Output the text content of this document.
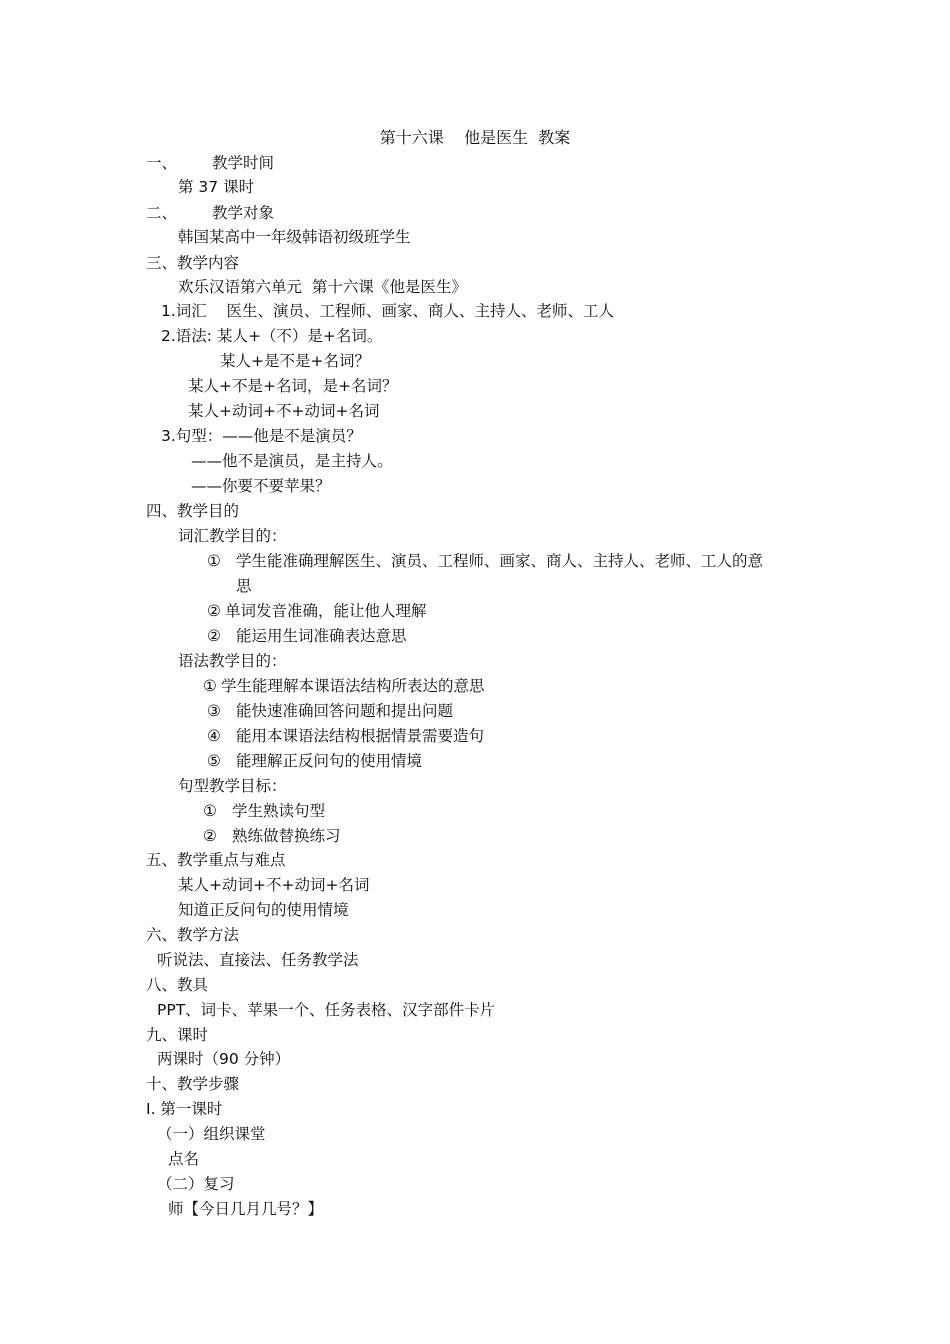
第十六课    他是医生  教案
一、 教学时间
第 37 课时
二、 教学对象
韩国某高中一年级韩语初级班学生
三、教学内容
欢乐汉语第六单元  第十六课《他是医生》
1.词汇    医生、演员、工程师、画家、商人、主持人、老师、工人
2.语法: 某人+（不）是+名词。
某人+是不是+名词？
某人+不是+名词，是+名词？
某人+动词+不+动词+名词
3.句型：——他是不是演员？
——他不是演员，是主持人。
——你要不要苹果？
四、教学目的
词汇教学目的：
① 学生能准确理解医生、演员、工程师、画家、商人、主持人、老师、工人的意
思
② 单词发音准确，能让他人理解
② 能运用生词准确表达意思
语法教学目的：
① 学生能理解本课语法结构所表达的意思
③ 能快速准确回答问题和提出问题
④ 能用本课语法结构根据情景需要造句
⑤ 能理解正反问句的使用情境
句型教学目标：
① 学生熟读句型
② 熟练做替换练习
五、教学重点与难点
某人+动词+不+动词+名词
知道正反问句的使用情境
六、教学方法
听说法、直接法、任务教学法
八、教具
PPT、词卡、苹果一个、任务表格、汉字部件卡片
九、课时
两课时（90 分钟）
十、教学步骤
Ⅰ. 第一课时
（一）组织课堂
点名
（二）复习
师【今日几月几号？】
